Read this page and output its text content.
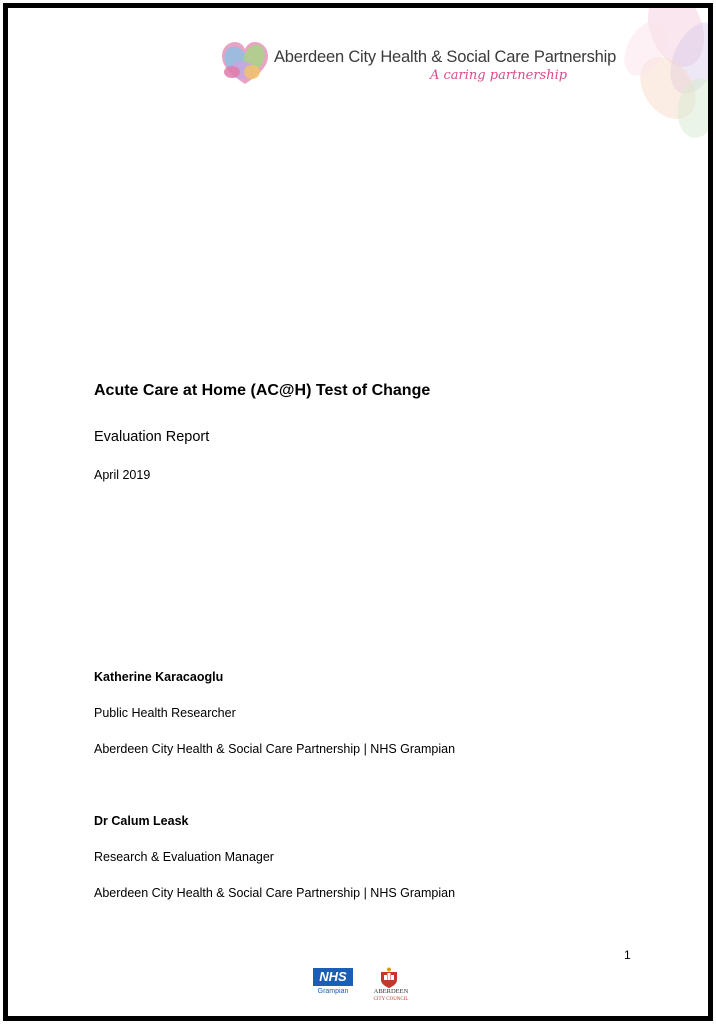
Aberdeen City Health & Social Care Partnership
A caring partnership
Acute Care at Home (AC@H) Test of Change
Evaluation Report
April 2019
Katherine Karacaoglu
Public Health Researcher
Aberdeen City Health & Social Care Partnership | NHS Grampian
Dr Calum Leask
Research & Evaluation Manager
Aberdeen City Health & Social Care Partnership | NHS Grampian
1
NHS
Grampian	ABERDEEN
CITY COUNCIL
